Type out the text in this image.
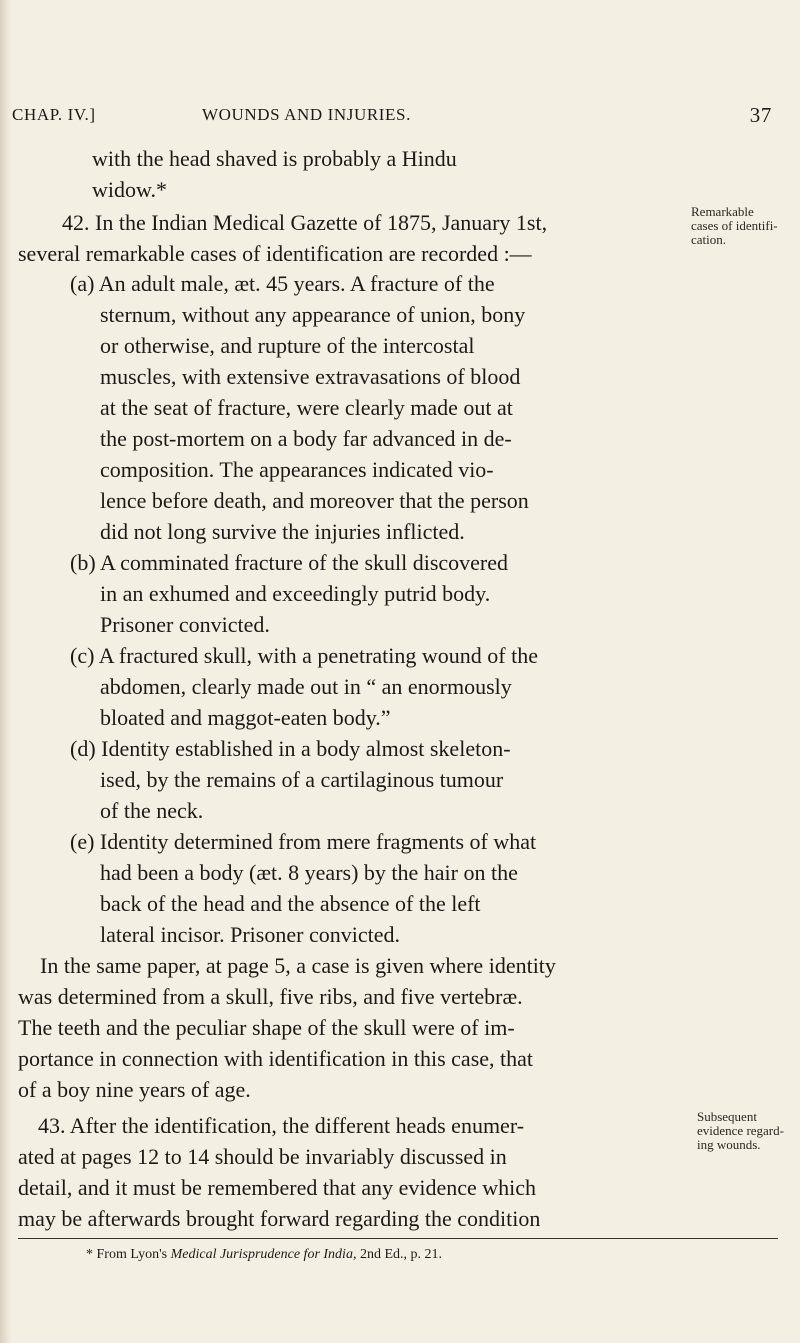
CHAP. IV.]	WOUNDS AND INJURIES.	37
with the head shaved is probably a Hindu
widow.*
42. In the Indian Medical Gazette of 1875, January 1st,
several remarkable cases of identification are recorded :—
Remarkable
cases of identifi-
cation.
(a) An adult male, æt. 45 years. A fracture of the
sternum, without any appearance of union, bony
or otherwise, and rupture of the intercostal
muscles, with extensive extravasations of blood
at the seat of fracture, were clearly made out at
the post-mortem on a body far advanced in de-
composition. The appearances indicated vio-
lence before death, and moreover that the person
did not long survive the injuries inflicted.
(b) A comminated fracture of the skull discovered
in an exhumed and exceedingly putrid body.
Prisoner convicted.
(c) A fractured skull, with a penetrating wound of the
abdomen, clearly made out in “ an enormously
bloated and maggot-eaten body.”
(d) Identity established in a body almost skeleton-
ised, by the remains of a cartilaginous tumour
of the neck.
(e) Identity determined from mere fragments of what
had been a body (æt. 8 years) by the hair on the
back of the head and the absence of the left
lateral incisor. Prisoner convicted.
In the same paper, at page 5, a case is given where identity
was determined from a skull, five ribs, and five vertebræ.
The teeth and the peculiar shape of the skull were of im-
portance in connection with identification in this case, that
of a boy nine years of age.
43. After the identification, the different heads enumer-
ated at pages 12 to 14 should be invariably discussed in
detail, and it must be remembered that any evidence which
may be afterwards brought forward regarding the condition
Subsequent
evidence regard-
ing wounds.
* From Lyon's Medical Jurisprudence for India, 2nd Ed., p. 21.
